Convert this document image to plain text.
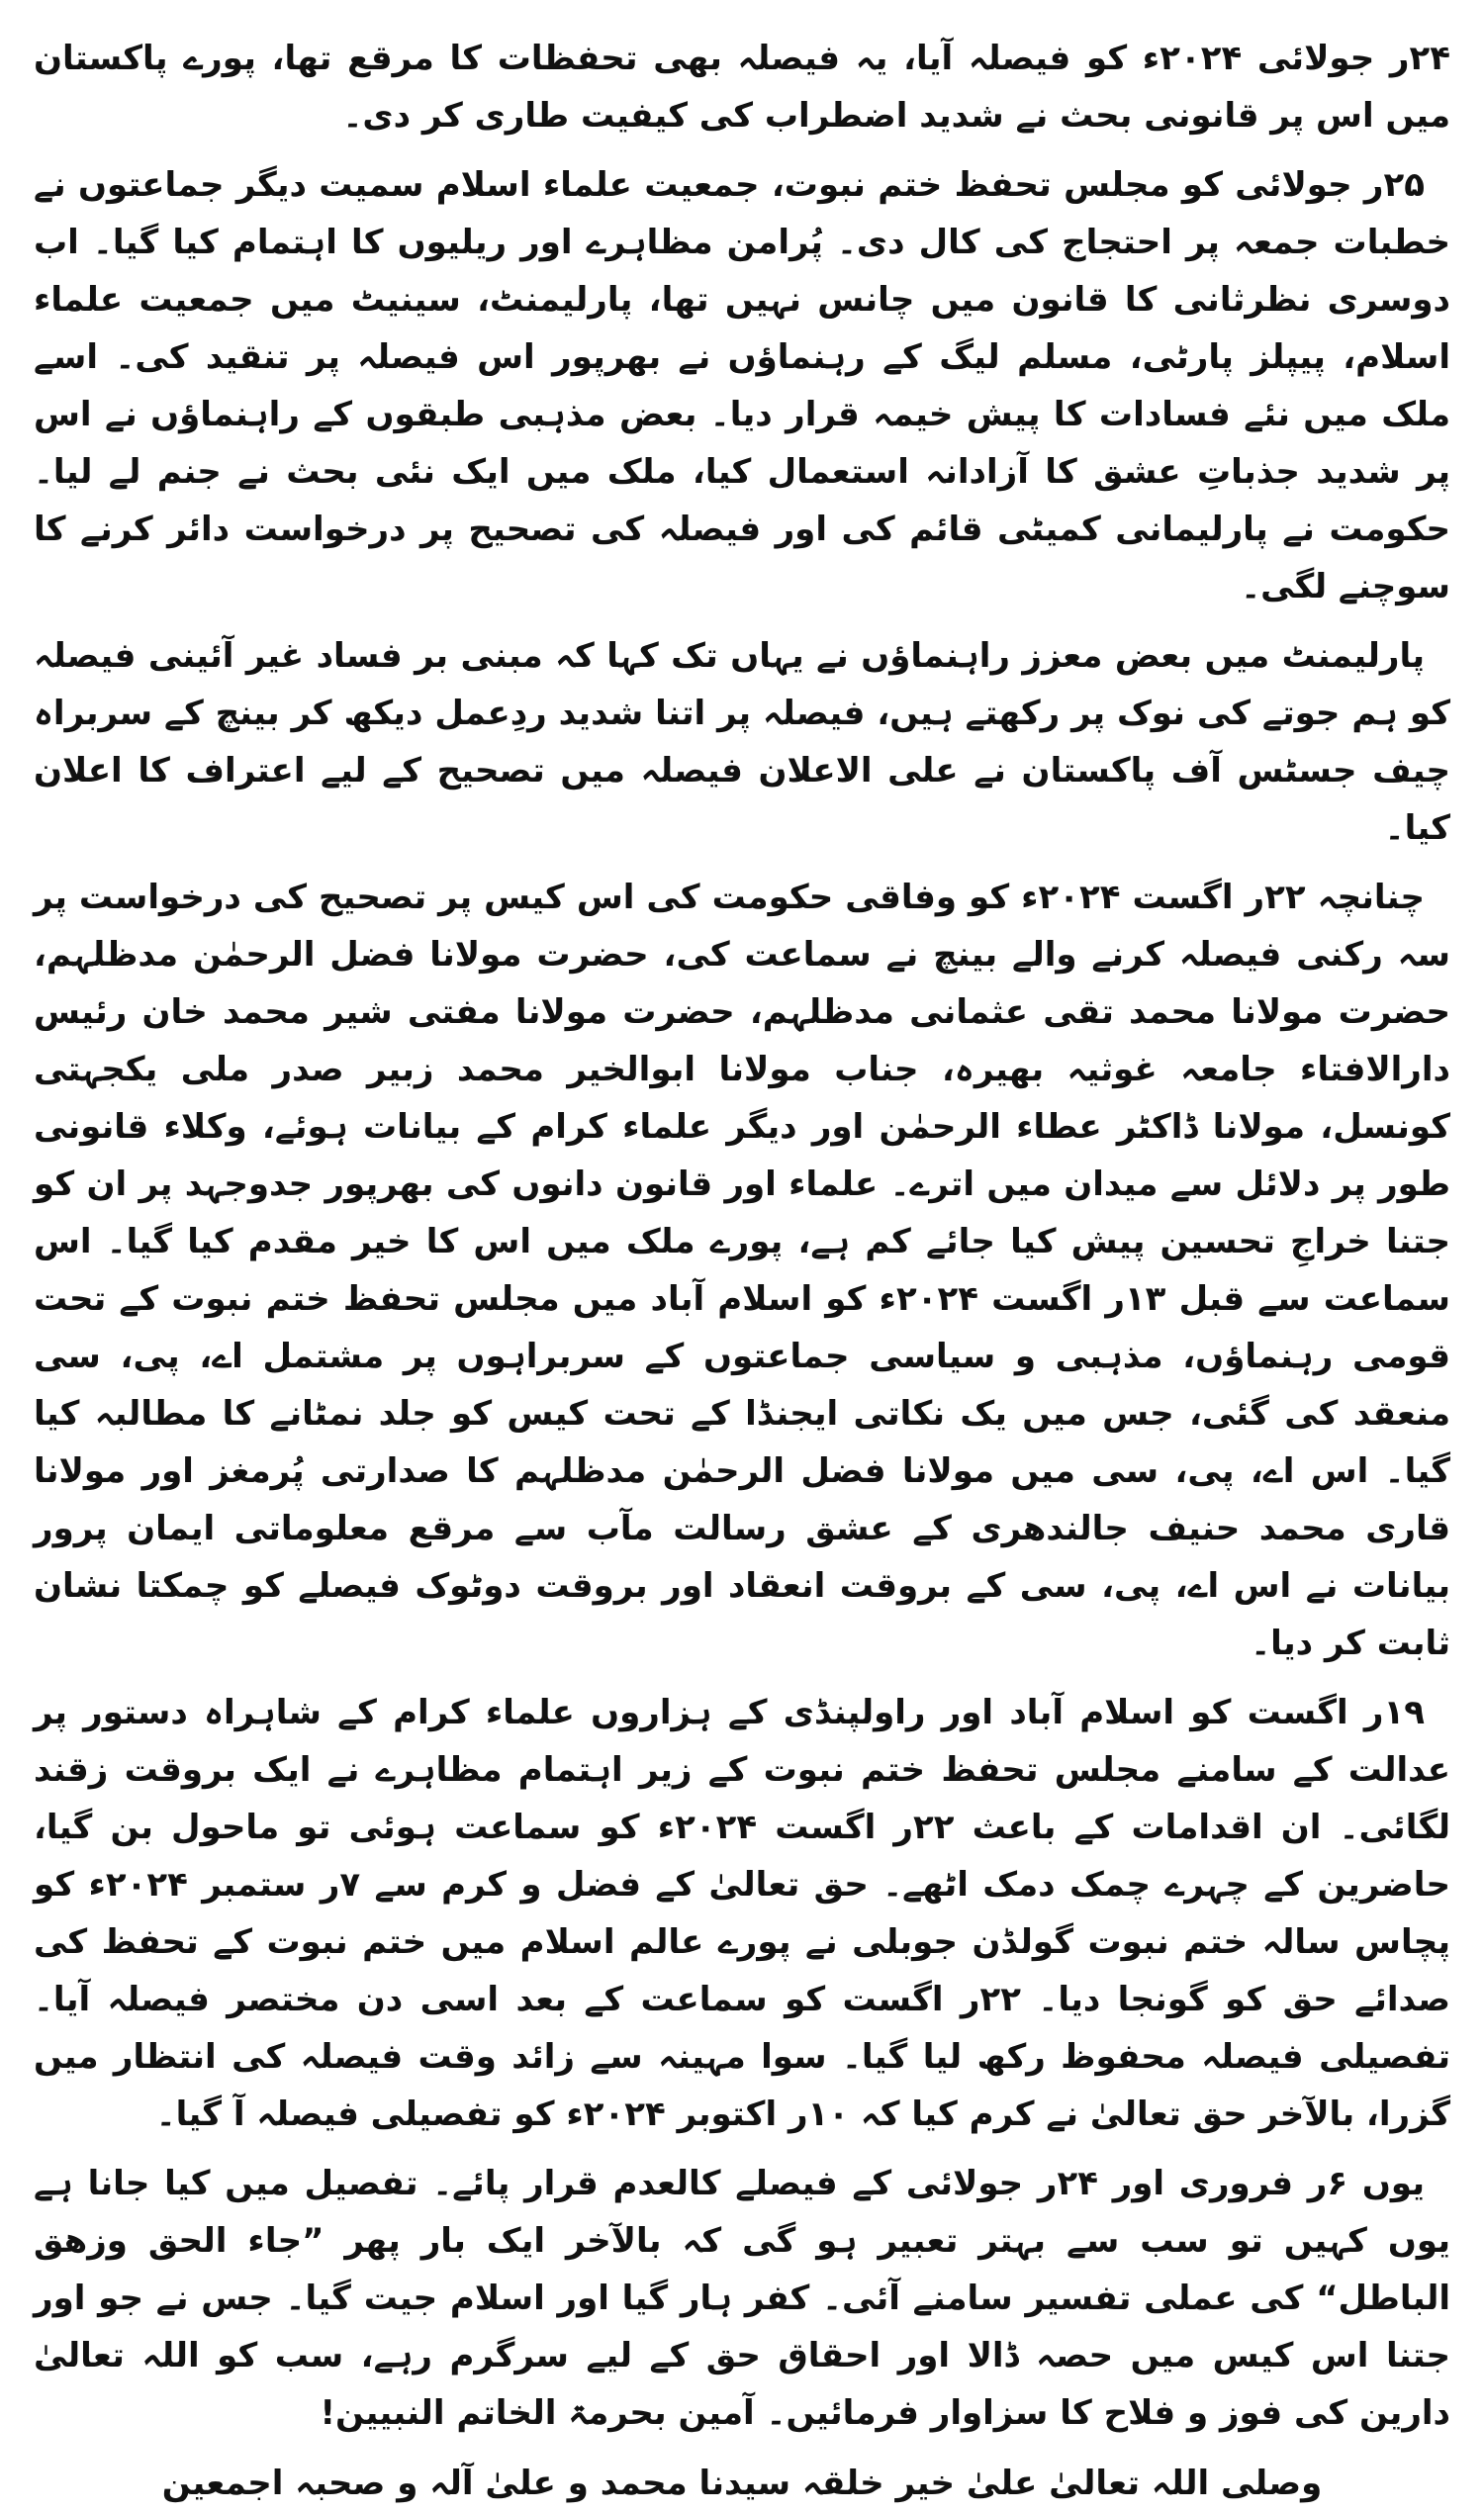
۲۴ر جولائی ۲۰۲۴ء کو فیصلہ آیا، یہ فیصلہ بھی تحفظات کا مرقع تھا، پورے پاکستان میں اس پر قانونی بحث نے شدید اضطراب کی کیفیت طاری کر دی۔

۲۵ر جولائی کو مجلس تحفظ ختم نبوت، جمعیت علماء اسلام سمیت دیگر جماعتوں نے خطبات جمعہ پر احتجاج کی کال دی۔ پُرامن مظاہرے اور ریلیوں کا اہتمام کیا گیا۔ اب دوسری نظرثانی کا قانون میں چانس نہیں تھا، پارلیمنٹ، سینیٹ میں جمعیت علماء اسلام، پیپلز پارٹی، مسلم لیگ کے رہنماؤں نے بھرپور اس فیصلہ پر تنقید کی۔ اسے ملک میں نئے فسادات کا پیش خیمہ قرار دیا۔ بعض مذہبی طبقوں کے راہنماؤں نے اس پر شدید جذباتِ عشق کا آزادانہ استعمال کیا، ملک میں ایک نئی بحث نے جنم لے لیا۔ حکومت نے پارلیمانی کمیٹی قائم کی اور فیصلہ کی تصحیح پر درخواست دائر کرنے کا سوچنے لگی۔

پارلیمنٹ میں بعض معزز راہنماؤں نے یہاں تک کہا کہ مبنی بر فساد غیر آئینی فیصلہ کو ہم جوتے کی نوک پر رکھتے ہیں، فیصلہ پر اتنا شدید ردِعمل دیکھ کر بینچ کے سربراہ چیف جسٹس آف پاکستان نے علی الاعلان فیصلہ میں تصحیح کے لیے اعتراف کا اعلان کیا۔

چنانچہ ۲۲ر اگست ۲۰۲۴ء کو وفاقی حکومت کی اس کیس پر تصحیح کی درخواست پر سہ رکنی فیصلہ کرنے والے بینچ نے سماعت کی، حضرت مولانا فضل الرحمٰن مدظلہم، حضرت مولانا محمد تقی عثمانی مدظلہم، حضرت مولانا مفتی شیر محمد خان رئیس دارالافتاء جامعہ غوثیہ بھیرہ، جناب مولانا ابوالخیر محمد زبیر صدر ملی یکجہتی کونسل، مولانا ڈاکٹر عطاء الرحمٰن اور دیگر علماء کرام کے بیانات ہوئے، وکلاء قانونی طور پر دلائل سے میدان میں اترے۔ علماء اور قانون دانوں کی بھرپور جدوجہد پر ان کو جتنا خراجِ تحسین پیش کیا جائے کم ہے، پورے ملک میں اس کا خیر مقدم کیا گیا۔ اس سماعت سے قبل ۱۳ر اگست ۲۰۲۴ء کو اسلام آباد میں مجلس تحفظ ختم نبوت کے تحت قومی رہنماؤں، مذہبی و سیاسی جماعتوں کے سربراہوں پر مشتمل اے، پی، سی منعقد کی گئی، جس میں یک نکاتی ایجنڈا کے تحت کیس کو جلد نمٹانے کا مطالبہ کیا گیا۔ اس اے، پی، سی میں مولانا فضل الرحمٰن مدظلہم کا صدارتی پُرمغز اور مولانا قاری محمد حنیف جالندھری کے عشق رسالت مآب سے مرقع معلوماتی ایمان پرور بیانات نے اس اے، پی، سی کے بروقت انعقاد اور بروقت دوٹوک فیصلے کو چمکتا نشان ثابت کر دیا۔

۱۹ر اگست کو اسلام آباد اور راولپنڈی کے ہزاروں علماء کرام کے شاہراہ دستور پر عدالت کے سامنے مجلس تحفظ ختم نبوت کے زیر اہتمام مظاہرے نے ایک بروقت زقند لگائی۔ ان اقدامات کے باعث ۲۲ر اگست ۲۰۲۴ء کو سماعت ہوئی تو ماحول بن گیا، حاضرین کے چہرے چمک دمک اٹھے۔ حق تعالیٰ کے فضل و کرم سے ۷ر ستمبر ۲۰۲۴ء کو پچاس سالہ ختم نبوت گولڈن جوبلی نے پورے عالم اسلام میں ختم نبوت کے تحفظ کی صدائے حق کو گونجا دیا۔ ۲۲ر اگست کو سماعت کے بعد اسی دن مختصر فیصلہ آیا۔ تفصیلی فیصلہ محفوظ رکھ لیا گیا۔ سوا مہینہ سے زائد وقت فیصلہ کی انتظار میں گزرا، بالآخر حق تعالیٰ نے کرم کیا کہ ۱۰ر اکتوبر ۲۰۲۴ء کو تفصیلی فیصلہ آ گیا۔

یوں ۶ر فروری اور ۲۴ر جولائی کے فیصلے کالعدم قرار پائے۔ تفصیل میں کیا جانا ہے یوں کہیں تو سب سے بہتر تعبیر ہو گی کہ بالآخر ایک بار پھر ”جاء الحق وزھق الباطل“ کی عملی تفسیر سامنے آئی۔ کفر ہار گیا اور اسلام جیت گیا۔ جس نے جو اور جتنا اس کیس میں حصہ ڈالا اور احقاق حق کے لیے سرگرم رہے، سب کو اللہ تعالیٰ دارین کی فوز و فلاح کا سزاوار فرمائیں۔ آمین بحرمۃ الخاتم النبیین!

وصلی اللہ تعالیٰ علیٰ خیر خلقہ سیدنا محمد و علیٰ آلہ و صحبہ اجمعین
